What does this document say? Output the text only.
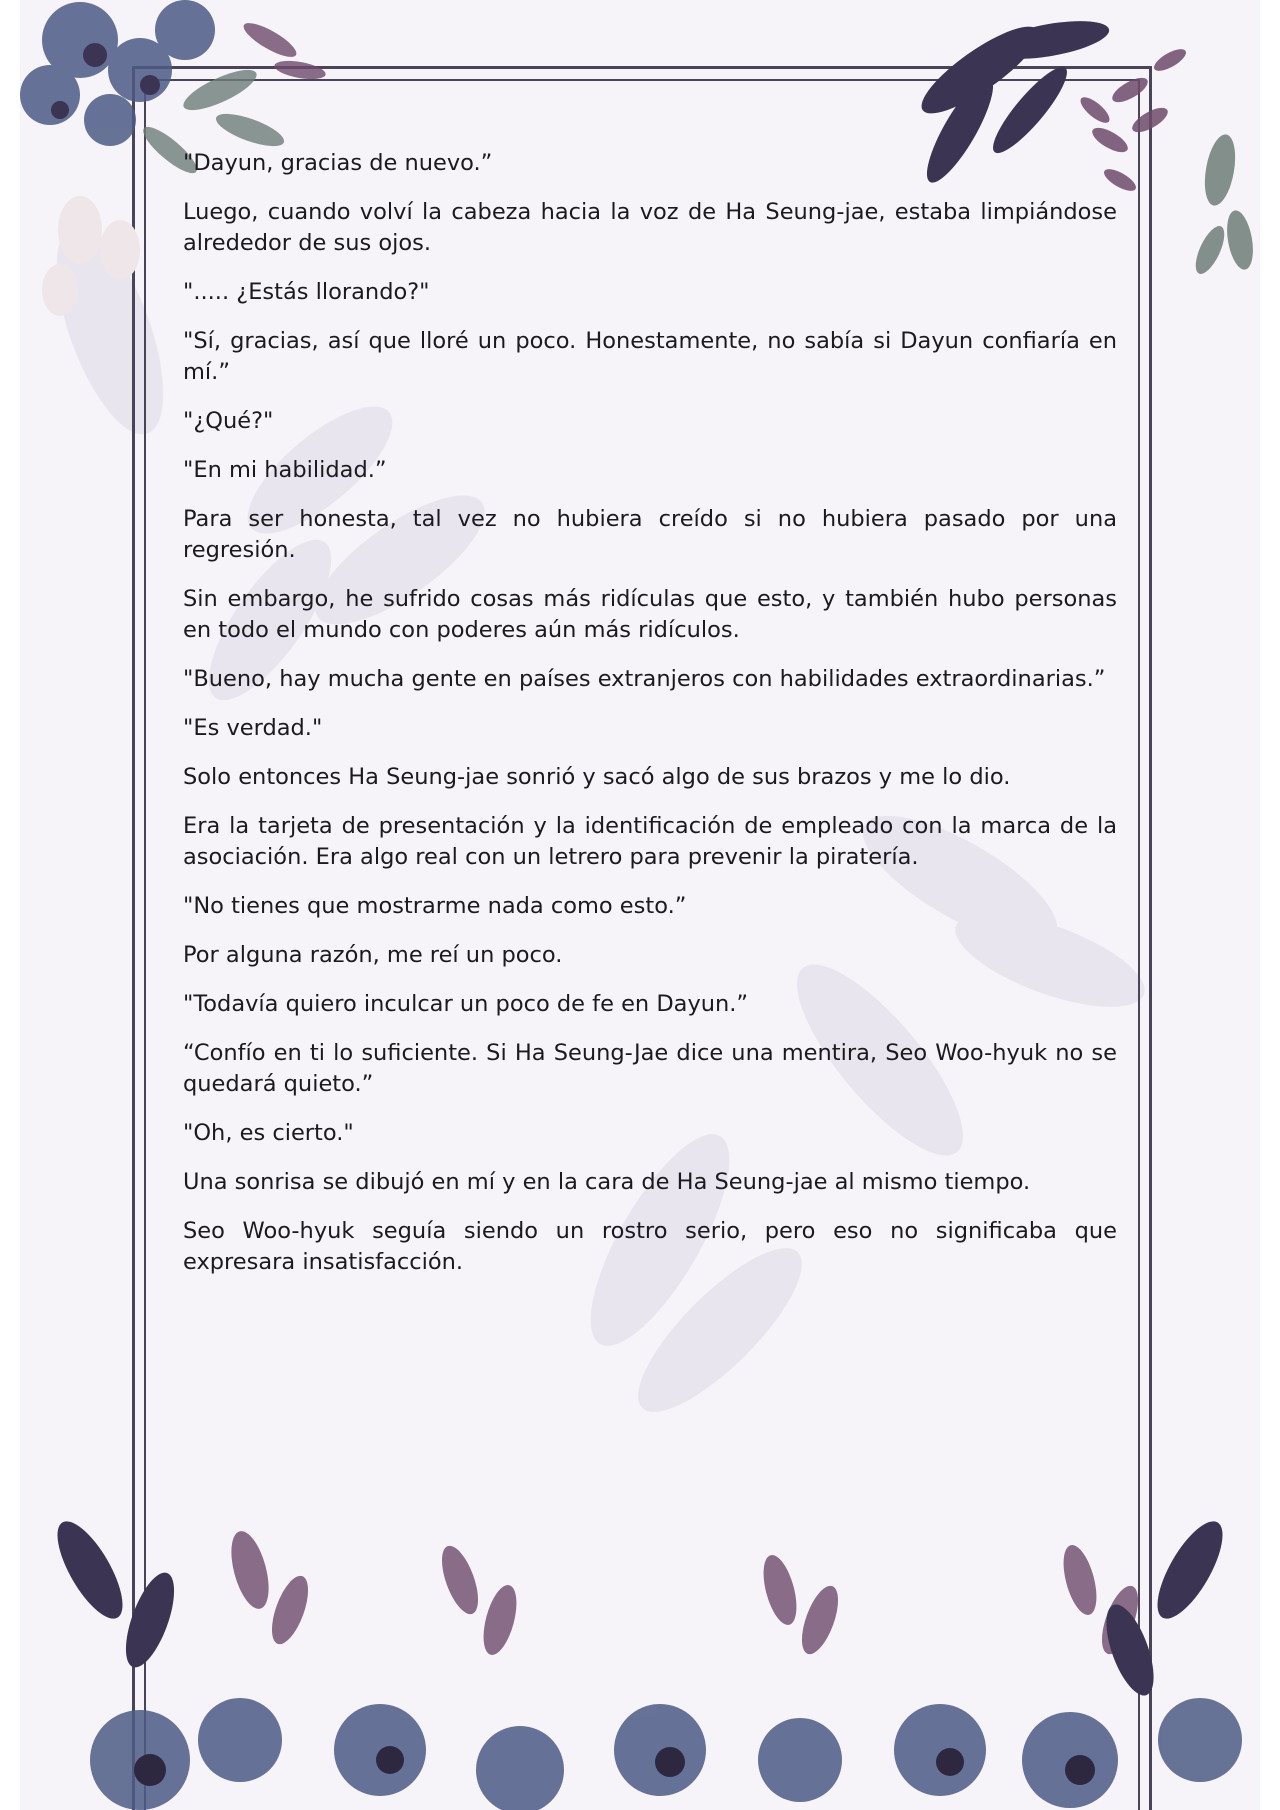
"Dayun, gracias de nuevo.”

Luego, cuando volví la cabeza hacia la voz de Ha Seung-jae, estaba limpiándose alrededor de sus ojos.

"..... ¿Estás llorando?"

"Sí, gracias, así que lloré un poco. Honestamente, no sabía si Dayun confiaría en mí.”

"¿Qué?"

"En mi habilidad.”

Para ser honesta, tal vez no hubiera creído si no hubiera pasado por una regresión.

Sin embargo, he sufrido cosas más ridículas que esto, y también hubo personas en todo el mundo con poderes aún más ridículos.

"Bueno, hay mucha gente en países extranjeros con habilidades extraordinarias.”

"Es verdad."

Solo entonces Ha Seung-jae sonrió y sacó algo de sus brazos y me lo dio.

Era la tarjeta de presentación y la identificación de empleado con la marca de la asociación. Era algo real con un letrero para prevenir la piratería.

"No tienes que mostrarme nada como esto.”

Por alguna razón, me reí un poco.

"Todavía quiero inculcar un poco de fe en Dayun.”

“Confío en ti lo suficiente. Si Ha Seung-Jae dice una mentira, Seo Woo-hyuk no se quedará quieto.”

"Oh, es cierto."

Una sonrisa se dibujó en mí y en la cara de Ha Seung-jae al mismo tiempo.

Seo Woo-hyuk seguía siendo un rostro serio, pero eso no significaba que expresara insatisfacción.
